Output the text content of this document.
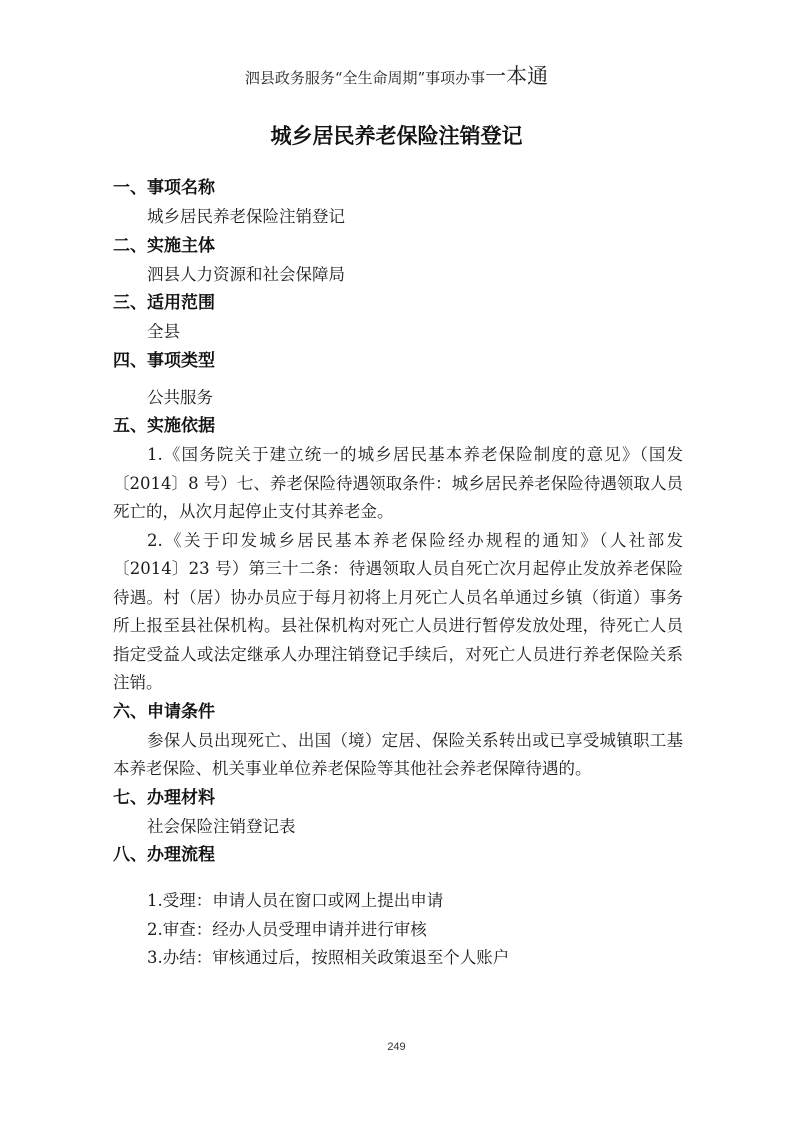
泗县政务服务“全生命周期”事项办事一本通
城乡居民养老保险注销登记
一、事项名称

城乡居民养老保险注销登记

二、实施主体

泗县人力资源和社会保障局

三、适用范围

全县

四、事项类型

公共服务

五、实施依据

1.《国务院关于建立统一的城乡居民基本养老保险制度的意见》（国发〔2014〕8 号）七、养老保险待遇领取条件：城乡居民养老保险待遇领取人员死亡的，从次月起停止支付其养老金。

2.《关于印发城乡居民基本养老保险经办规程的通知》（人社部发〔2014〕23 号）第三十二条：待遇领取人员自死亡次月起停止发放养老保险待遇。村（居）协办员应于每月初将上月死亡人员名单通过乡镇（街道）事务所上报至县社保机构。县社保机构对死亡人员进行暂停发放处理，待死亡人员指定受益人或法定继承人办理注销登记手续后，对死亡人员进行养老保险关系注销。

六、申请条件

参保人员出现死亡、出国（境）定居、保险关系转出或已享受城镇职工基本养老保险、机关事业单位养老保险等其他社会养老保障待遇的。

七、办理材料

社会保险注销登记表

八、办理流程

1.受理：申请人员在窗口或网上提出申请

2.审查：经办人员受理申请并进行审核

3.办结：审核通过后，按照相关政策退至个人账户

249
